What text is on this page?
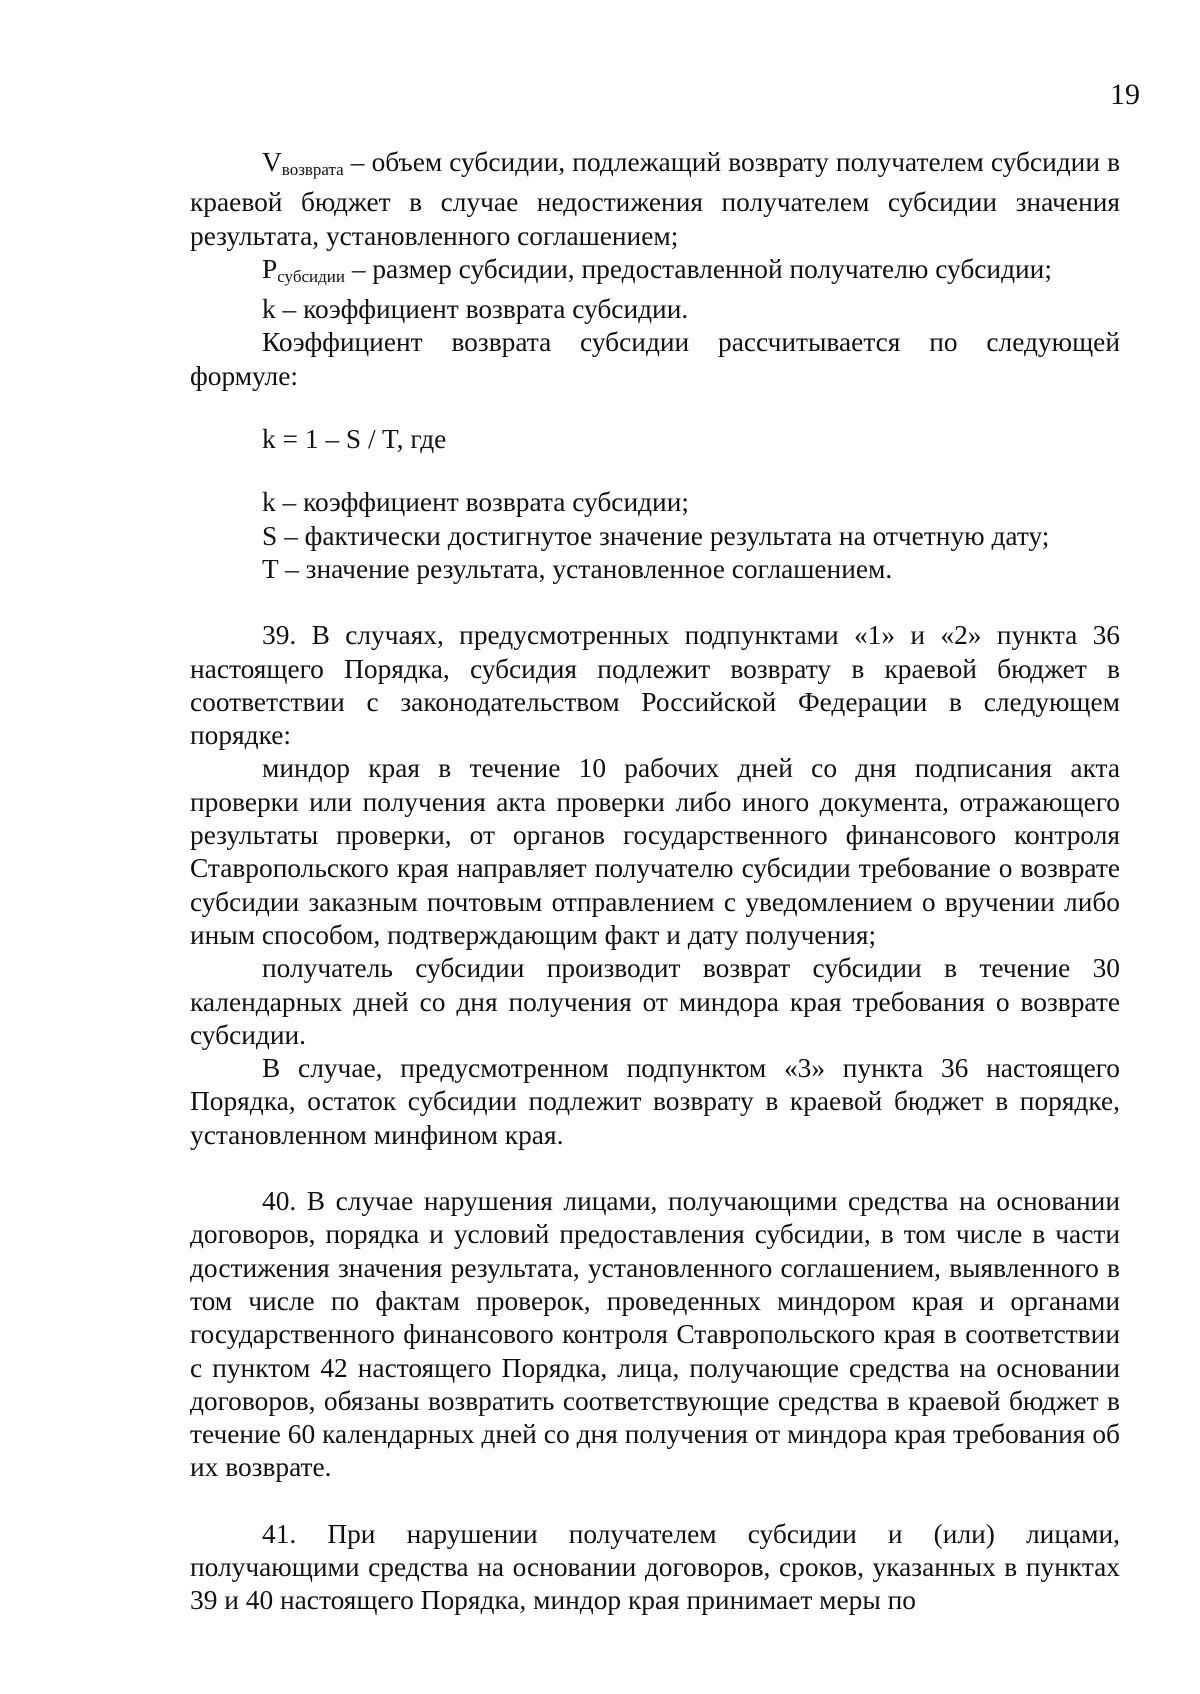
19

$V_{возврата}$ – объем субсидии, подлежащий возврату получателем субсидии в краевой бюджет в случае недостижения получателем субсидии значения результата, установленного соглашением;

$P_{субсидии}$ – размер субсидии, предоставленной получателю субсидии;

k – коэффициент возврата субсидии.

Коэффициент возврата субсидии рассчитывается по следующей формуле:

k = 1 – S / T, где

k – коэффициент возврата субсидии;

S – фактически достигнутое значение результата на отчетную дату;

T – значение результата, установленное соглашением.

39. В случаях, предусмотренных подпунктами «1» и «2» пункта 36 настоящего Порядка, субсидия подлежит возврату в краевой бюджет в соответствии с законодательством Российской Федерации в следующем порядке:

миндор края в течение 10 рабочих дней со дня подписания акта проверки или получения акта проверки либо иного документа, отражающего результаты проверки, от органов государственного финансового контроля Ставропольского края направляет получателю субсидии требование о возврате субсидии заказным почтовым отправлением с уведомлением о вручении либо иным способом, подтверждающим факт и дату получения;

получатель субсидии производит возврат субсидии в течение 30 календарных дней со дня получения от миндора края требования о возврате субсидии.

В случае, предусмотренном подпунктом «3» пункта 36 настоящего Порядка, остаток субсидии подлежит возврату в краевой бюджет в порядке, установленном минфином края.

40. В случае нарушения лицами, получающими средства на основании договоров, порядка и условий предоставления субсидии, в том числе в части достижения значения результата, установленного соглашением, выявленного в том числе по фактам проверок, проведенных миндором края и органами государственного финансового контроля Ставропольского края в соответствии с пунктом 42 настоящего Порядка, лица, получающие средства на основании договоров, обязаны возвратить соответствующие средства в краевой бюджет в течение 60 календарных дней со дня получения от миндора края требования об их возврате.

41. При нарушении получателем субсидии и (или) лицами, получающими средства на основании договоров, сроков, указанных в пунктах 39 и 40 настоящего Порядка, миндор края принимает меры по
